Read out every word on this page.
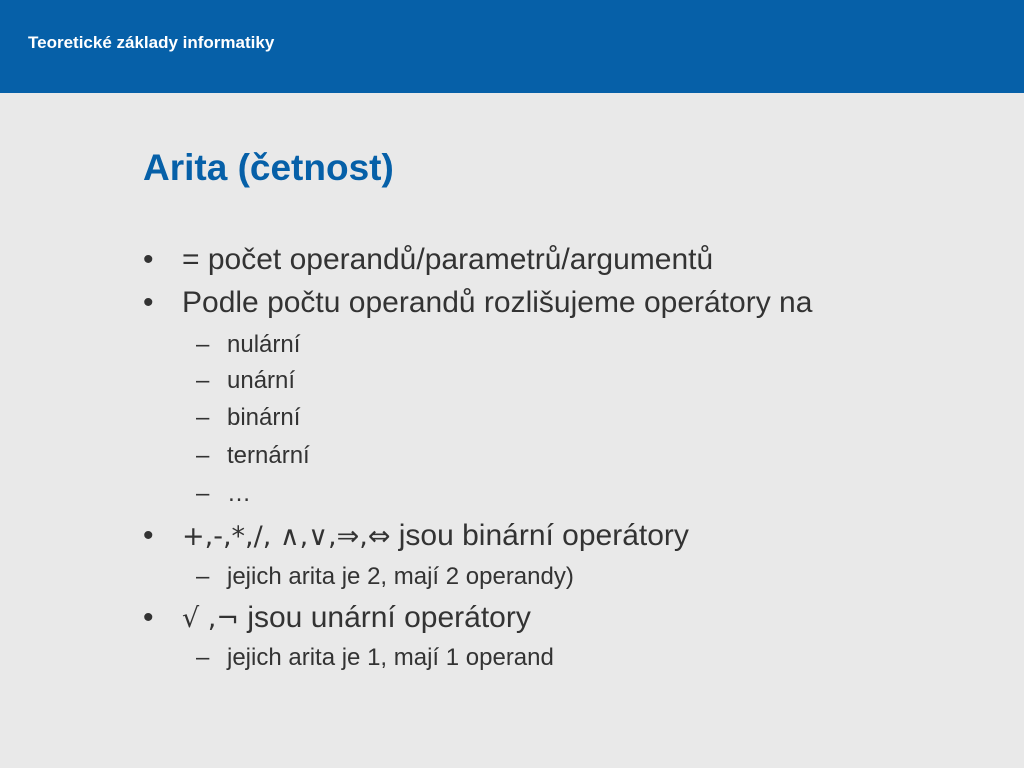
Teoretické základy informatiky
Arita (četnost)
• = počet operandů/parametrů/argumentů
• Podle počtu operandů rozlišujeme operátory na
– nulární
– unární
– binární
– ternární
– …
•	+,-,*,/, ∧,∨,⇒,⇔ jsou binární operátory
– jejich arita je 2, mají 2 operandy)
•	√ ,¬ jsou unární operátory
– jejich arita je 1, mají 1 operand
